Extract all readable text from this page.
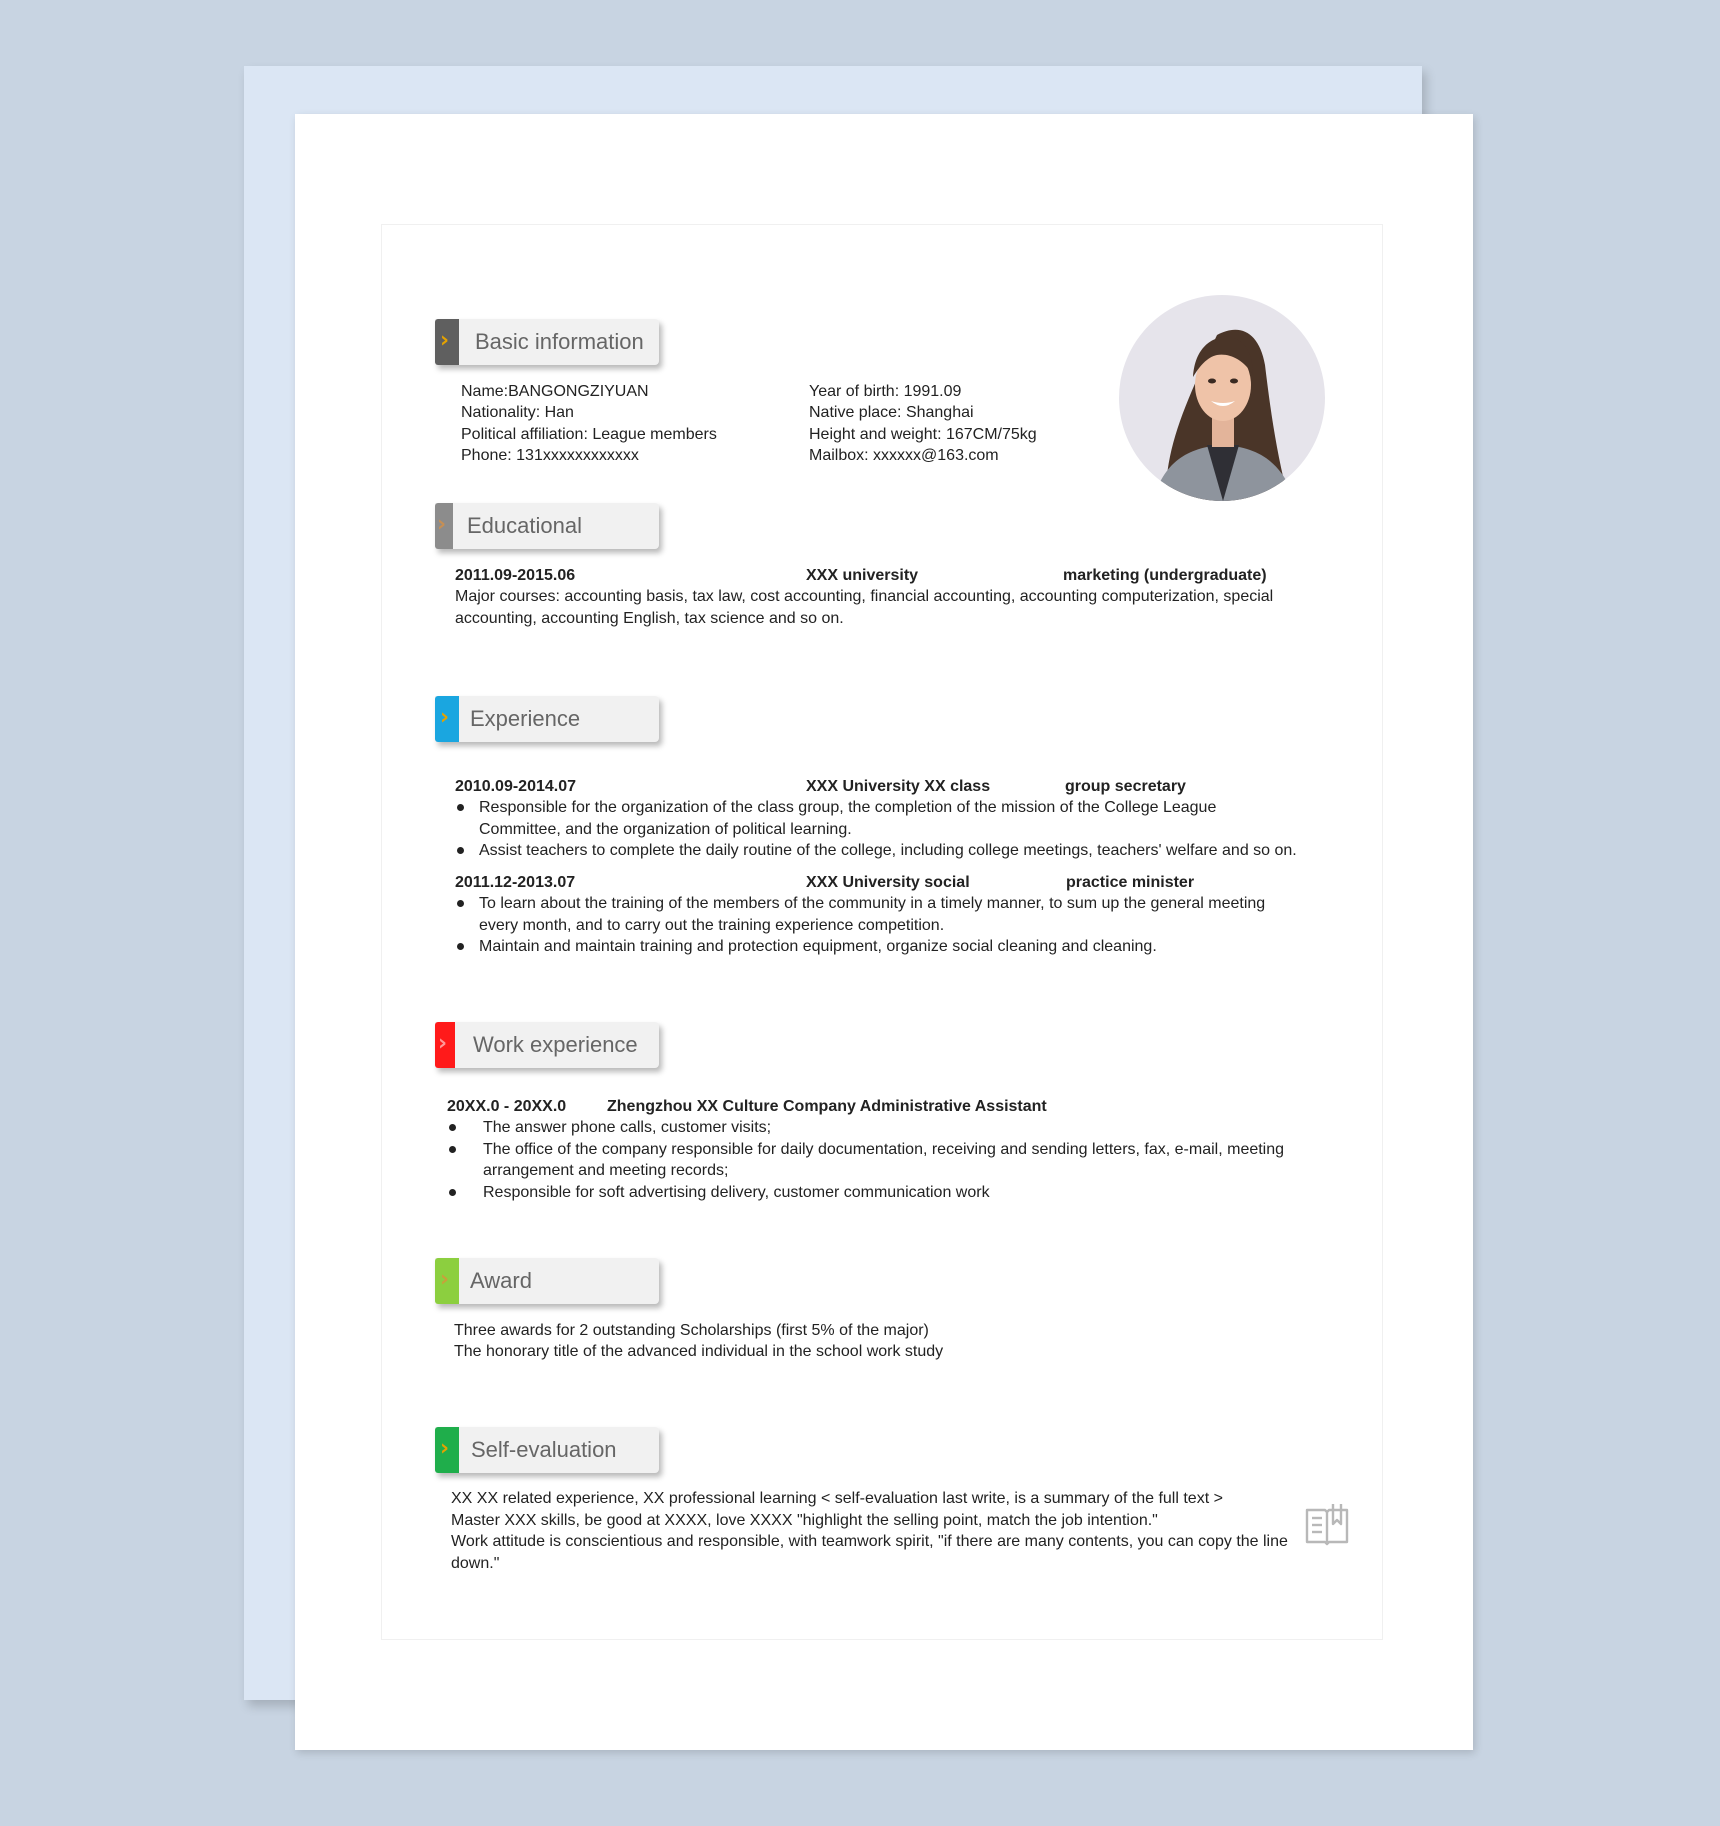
› Basic information
Name:BANGONGZIYUAN
Nationality: Han
Political affiliation: League members
Phone: 131xxxxxxxxxxxx
Year of birth: 1991.09
Native place: Shanghai
Height and weight: 167CM/75kg
Mailbox: xxxxxx@163.com
› Educational
2011.09-2015.06	XXX university	marketing (undergraduate)
Major courses: accounting basis, tax law, cost accounting, financial accounting, accounting computerization, special accounting, accounting English, tax science and so on.
› Experience
2010.09-2014.07	XXX University XX class	group secretary
Responsible for the organization of the class group, the completion of the mission of the College League Committee, and the organization of political learning.
Assist teachers to complete the daily routine of the college, including college meetings, teachers' welfare and so on.
2011.12-2013.07	XXX University social	practice minister
To learn about the training of the members of the community in a timely manner, to sum up the general meeting every month, and to carry out the training experience competition.
Maintain and maintain training and protection equipment, organize social cleaning and cleaning.
› Work experience
20XX.0 - 20XX.0	Zhengzhou XX Culture Company Administrative Assistant
The answer phone calls, customer visits;
The office of the company responsible for daily documentation, receiving and sending letters, fax, e-mail, meeting arrangement and meeting records;
Responsible for soft advertising delivery, customer communication work
› Award
Three awards for 2 outstanding Scholarships (first 5% of the major)
The honorary title of the advanced individual in the school work study
› Self-evaluation
XX XX related experience, XX professional learning < self-evaluation last write, is a summary of the full text >
Master XXX skills, be good at XXXX, love XXXX "highlight the selling point, match the job intention."
Work attitude is conscientious and responsible, with teamwork spirit, "if there are many contents, you can copy the line down."
